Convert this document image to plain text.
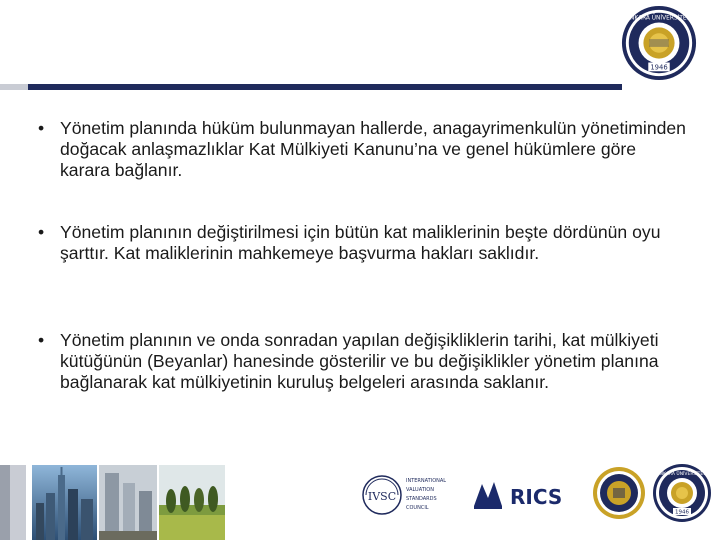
ANKARA ÜNİVERSİTESİ
1946
• Yönetim planında hüküm bulunmayan hallerde, anagayrimenkulün yönetiminden doğacak anlaşmazlıklar Kat Mülkiyeti Kanunu’na ve genel hükümlere göre karara bağlanır.
• Yönetim planının değiştirilmesi için bütün kat maliklerinin beşte dördünün oyu şarttır. Kat maliklerinin mahkemeye başvurma hakları saklıdır.
• Yönetim planının ve onda sonradan yapılan değişikliklerin tarihi, kat mülkiyeti kütüğünün (Beyanlar) hanesinde gösterilir ve bu değişiklikler yönetim planına bağlanarak kat mülkiyetinin kuruluş belgeleri arasında saklanır.
IVSC
INTERNATIONAL
VALUATION
STANDARDS
COUNCIL	RICS
ANKARA ÜNİVERSİTESİ
1946
